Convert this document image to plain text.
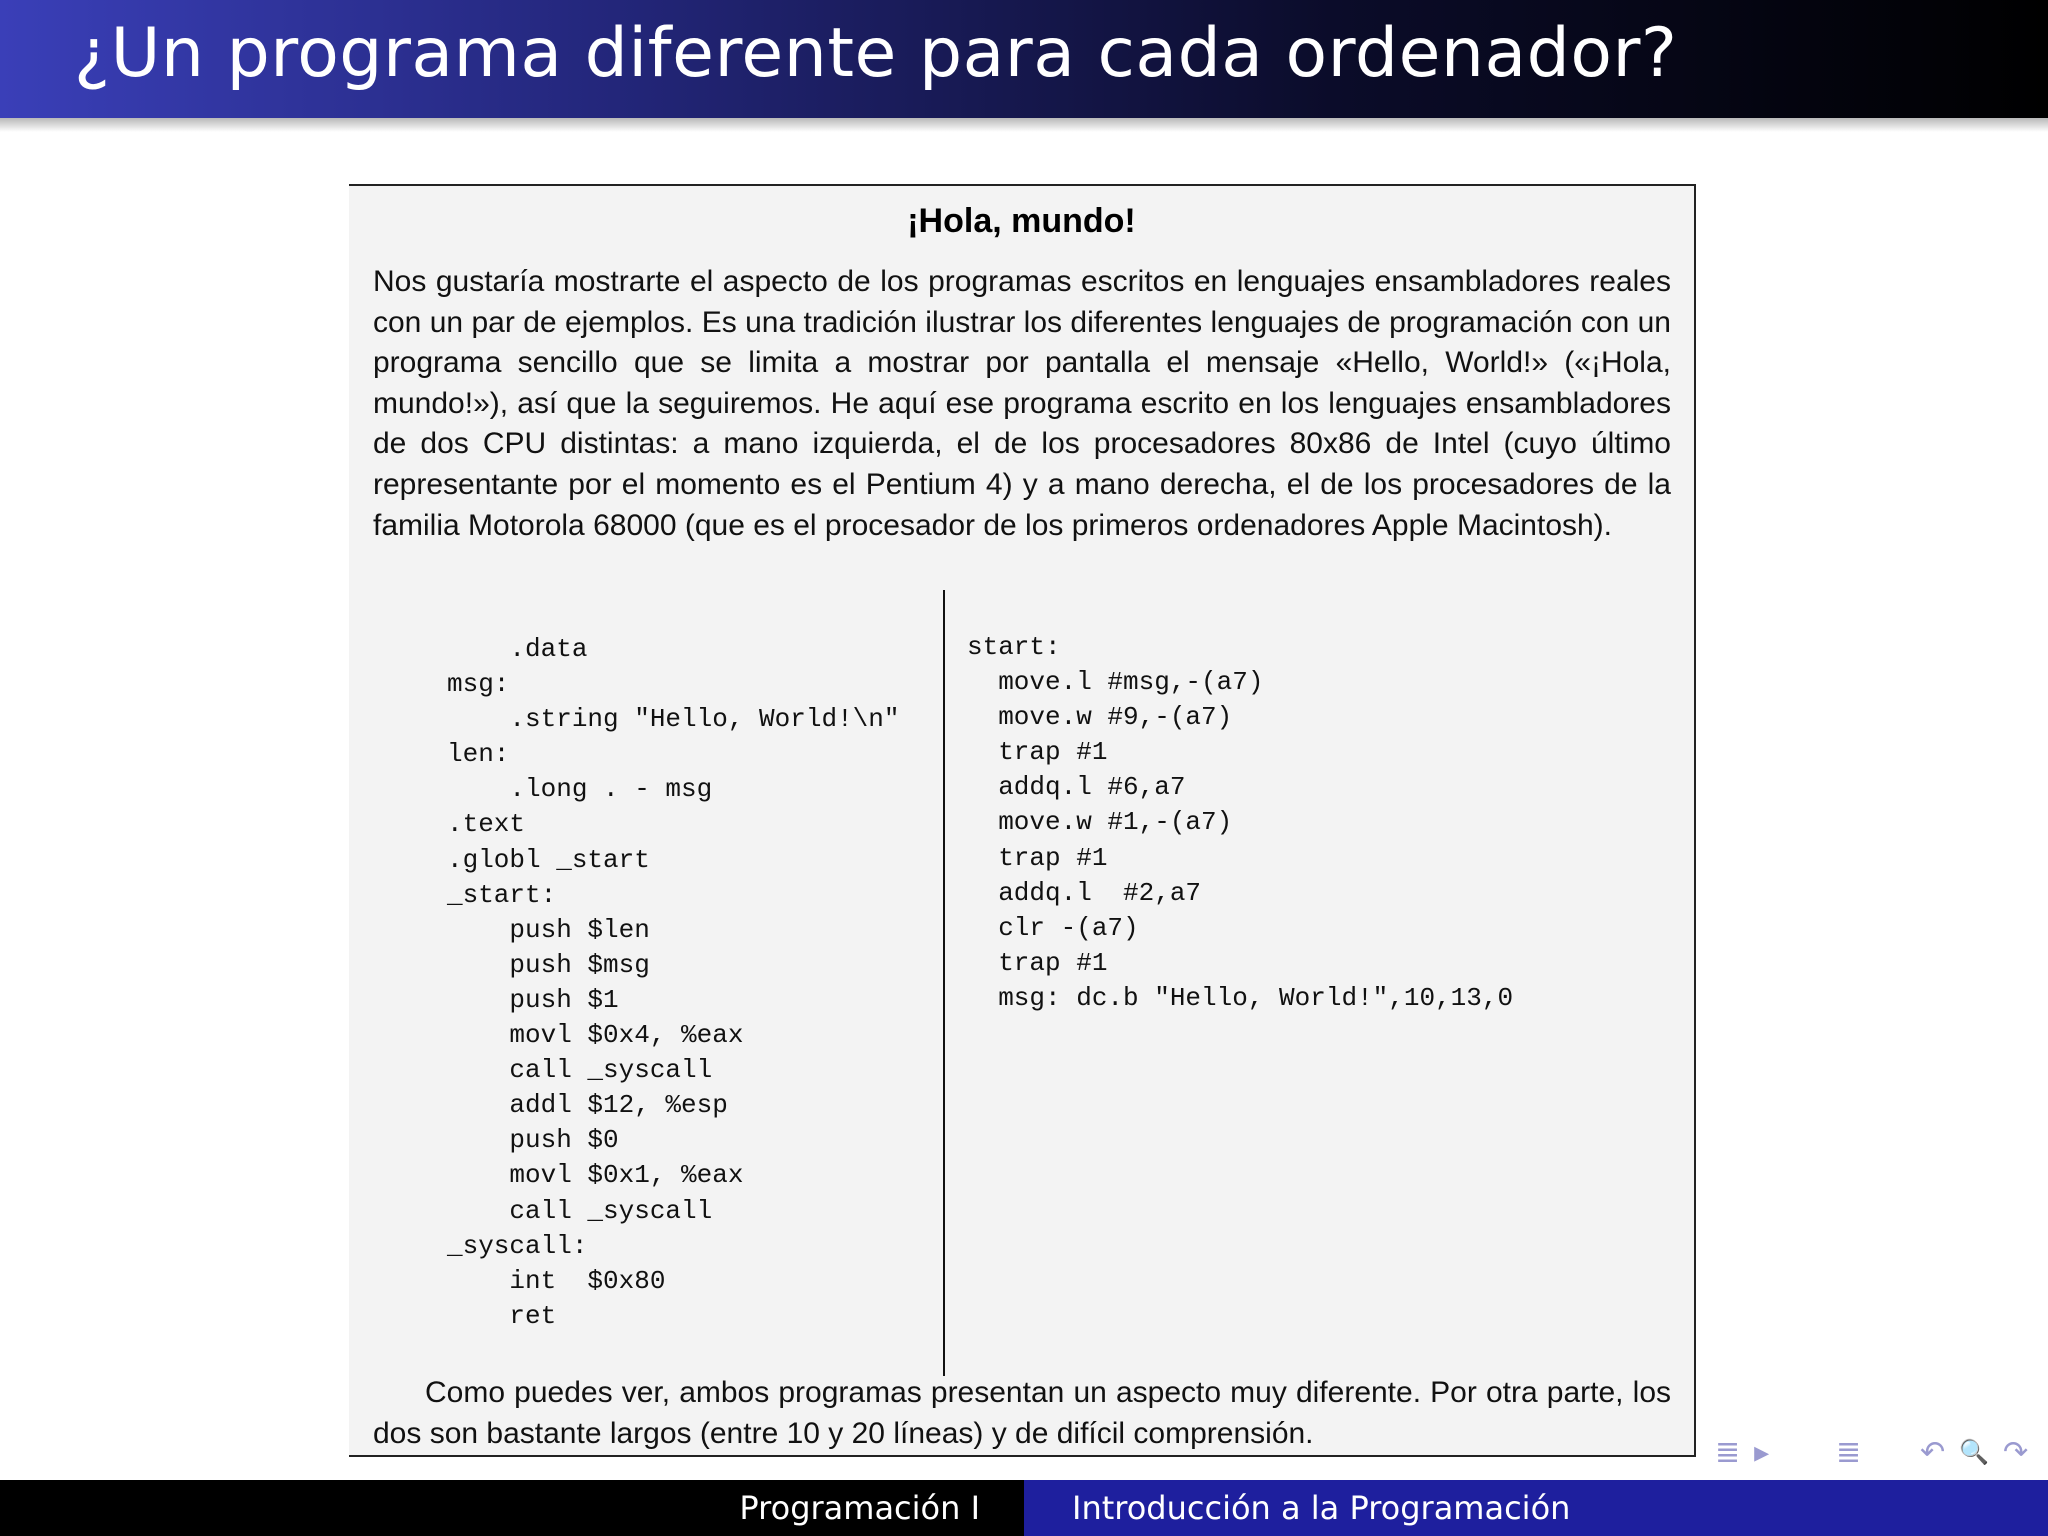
¿Un programa diferente para cada ordenador?
¡Hola, mundo!

Nos gustaría mostrarte el aspecto de los programas escritos en lenguajes ensambladores reales con un par de ejemplos. Es una tradición ilustrar los diferentes lenguajes de programación con un programa sencillo que se limita a mostrar por pantalla el mensaje «Hello, World!» («¡Hola, mundo!»), así que la seguiremos. He aquí ese programa escrito en los lenguajes ensambladores de dos CPU distintas: a mano izquierda, el de los procesadores 80x86 de Intel (cuyo último representante por el momento es el Pentium 4) y a mano derecha, el de los procesadores de la familia Motorola 68000 (que es el procesador de los primeros ordenadores Apple Macintosh).

.data
msg:
.string "Hello, World!\n"
len:
.long . - msg
.text
.globl _start
_start:
push $len
push $msg
push $1
movl $0x4, %eax
call _syscall
addl $12, %esp
push $0
movl $0x1, %eax
call _syscall
_syscall:
int  $0x80
ret
start:
move.l #msg,-(a7)
move.w #9,-(a7)
trap #1
addq.l #6,a7
move.w #1,-(a7)
trap #1
addq.l  #2,a7
clr -(a7)
trap #1
msg: dc.b "Hello, World!",10,13,0

Como puedes ver, ambos programas presentan un aspecto muy diferente. Por otra parte, los dos son bastante largos (entre 10 y 20 líneas) y de difícil comprensión.

≣ ▸ ≣ ↶ 🔍 ↷
Programación I	Introducción a la Programación
